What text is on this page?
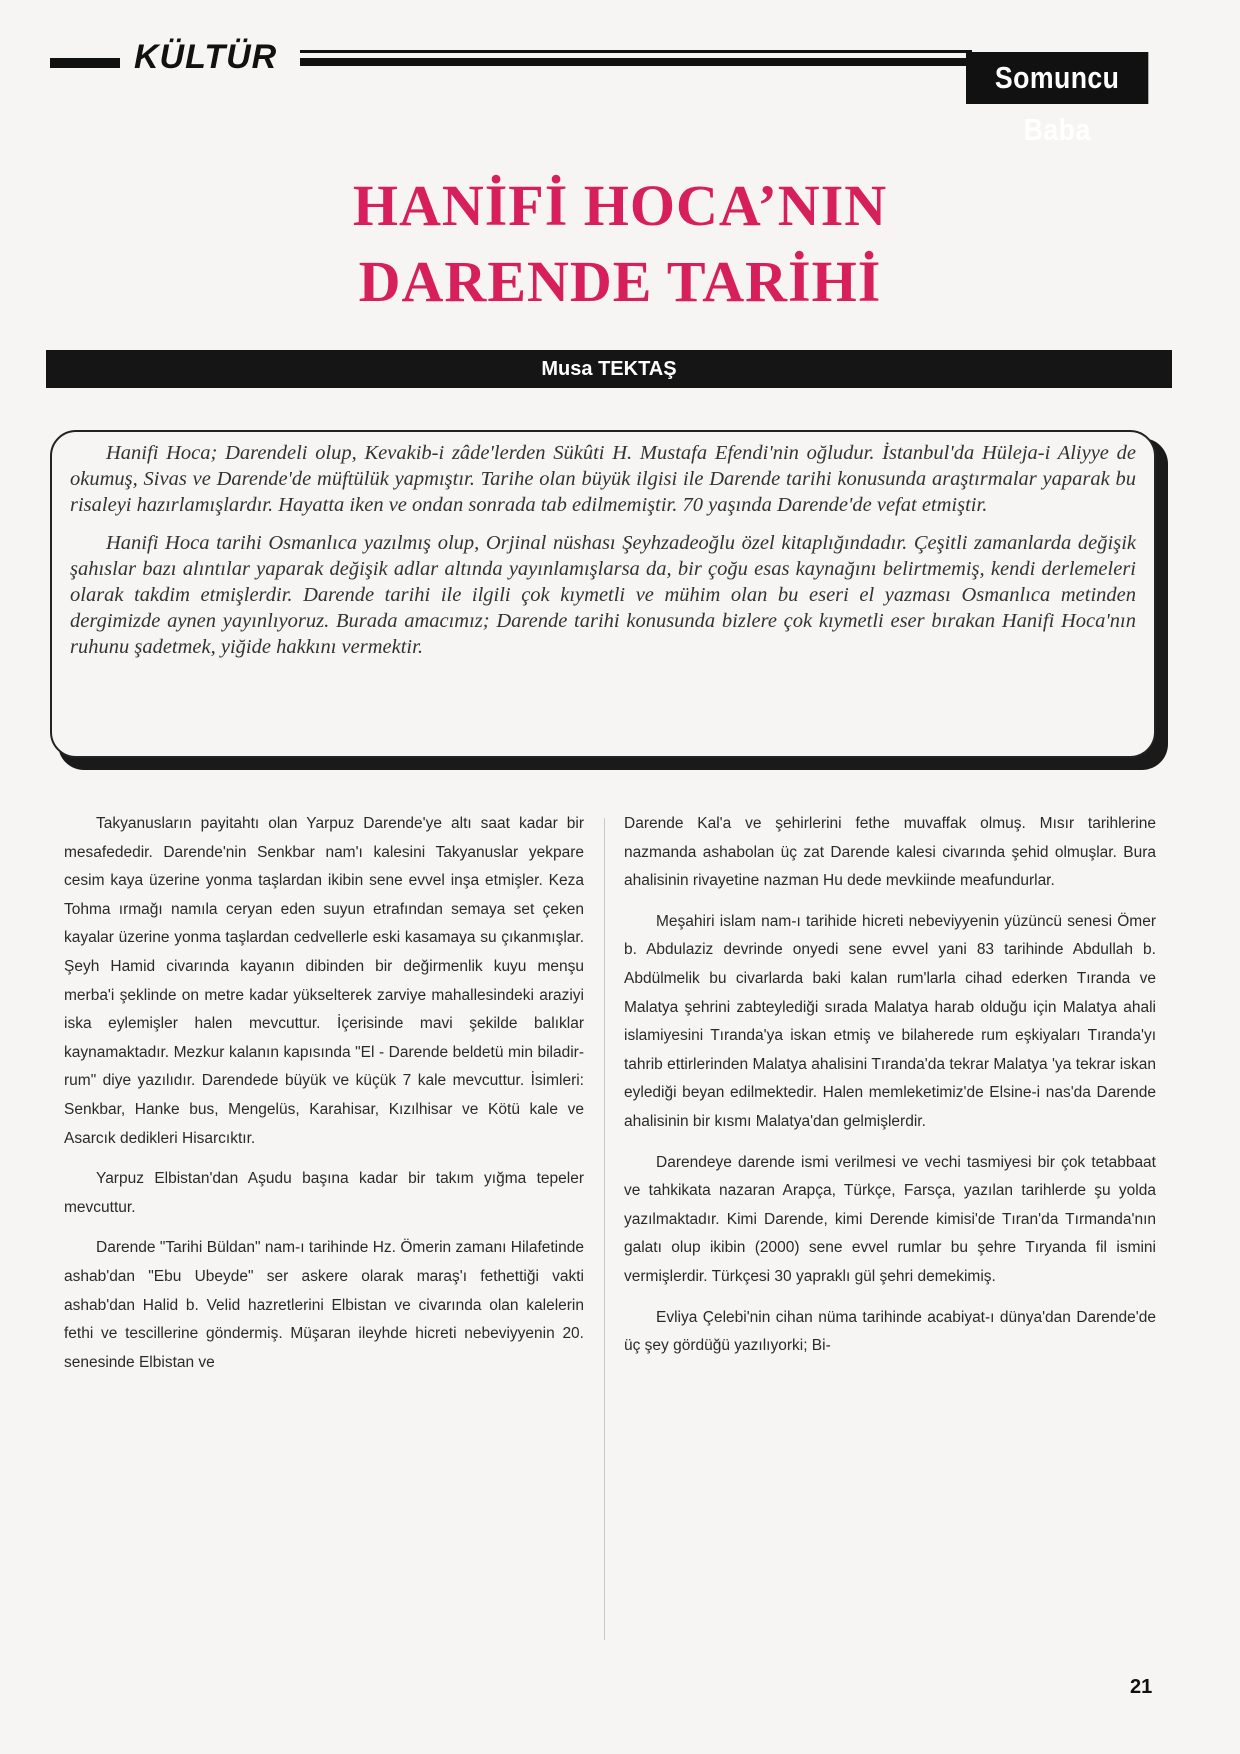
KÜLTÜR
Somuncu Baba
HANİFİ HOCA’NIN
DARENDE TARİHİ
Musa TEKTAŞ

Hanifi Hoca; Darendeli olup, Kevakib-i zâde'lerden Sükûti H. Mustafa Efendi'nin oğludur. İstanbul'da Hüleja-i Aliyye de okumuş, Sivas ve Darende'de müftülük yapmıştır. Tarihe olan büyük ilgisi ile Darende tarihi konusunda araştırmalar yaparak bu risaleyi hazırlamışlardır. Hayatta iken ve ondan sonrada tab edilmemiştir. 70 yaşında Darende'de vefat etmiştir.

Hanifi Hoca tarihi Osmanlıca yazılmış olup, Orjinal nüshası Şeyhzadeoğlu özel kitaplığındadır. Çeşitli zamanlarda değişik şahıslar bazı alıntılar yaparak değişik adlar altında yayınlamışlarsa da, bir çoğu esas kaynağını belirtmemiş, kendi derlemeleri olarak takdim etmişlerdir. Darende tarihi ile ilgili çok kıymetli ve mühim olan bu eseri el yazması Osmanlıca metinden dergimizde aynen yayınlıyoruz. Burada amacımız; Darende tarihi konusunda bizlere çok kıymetli eser bırakan Hanifi Hoca'nın ruhunu şadetmek, yiğide hakkını vermektir.

Takyanusların payitahtı olan Yarpuz Darende'ye altı saat kadar bir mesafededir. Darende'nin Senkbar nam'ı kalesini Takyanuslar yekpare cesim kaya üzerine yonma taşlardan ikibin sene evvel inşa etmişler. Keza Tohma ırmağı namıla ceryan eden suyun etrafından semaya set çeken kayalar üzerine yonma taşlardan cedvellerle eski kasamaya su çıkanmışlar. Şeyh Hamid civarında kayanın dibinden bir değirmenlik kuyu menşu merba'i şeklinde on metre kadar yükselterek zarviye mahallesindeki araziyi iska eylemişler halen mevcuttur. İçerisinde mavi şekilde balıklar kaynamaktadır. Mezkur kalanın kapısında "El - Darende beldetü min biladir-rum" diye yazılıdır. Darendede büyük ve küçük 7 kale mevcuttur. İsimleri: Senkbar, Hanke bus, Mengelüs, Karahisar, Kızılhisar ve Kötü kale ve Asarcık dedikleri Hisarcıktır.

Yarpuz Elbistan'dan Aşudu başına kadar bir takım yığma tepeler mevcuttur.

Darende "Tarihi Büldan" nam-ı tarihinde Hz. Ömerin zamanı Hilafetinde ashab'dan "Ebu Ubeyde" ser askere olarak maraş'ı fethettiği vakti ashab'dan Halid b. Velid hazretlerini Elbistan ve civarında olan kalelerin fethi ve tescillerine göndermiş. Müşaran ileyhde hicreti nebeviyyenin 20. senesinde Elbistan ve

Darende Kal'a ve şehirlerini fethe muvaffak olmuş. Mısır tarihlerine nazmanda ashabolan üç zat Darende kalesi civarında şehid olmuşlar. Bura ahalisinin rivayetine nazman Hu dede mevkiinde meafundurlar.

Meşahiri islam nam-ı tarihide hicreti nebeviyyenin yüzüncü senesi Ömer b. Abdulaziz devrinde onyedi sene evvel yani 83 tarihinde Abdullah b. Abdülmelik bu civarlarda baki kalan rum'larla cihad ederken Tıranda ve Malatya şehrini zabteylediği sırada Malatya harab olduğu için Malatya ahali islamiyesini Tıranda'ya iskan etmiş ve bilaherede rum eşkiyaları Tıranda'yı tahrib ettirlerinden Malatya ahalisini Tıranda'da tekrar Malatya 'ya tekrar iskan eylediği beyan edilmektedir. Halen memleketimiz'de Elsine-i nas'da Darende ahalisinin bir kısmı Malatya'dan gelmişlerdir.

Darendeye darende ismi verilmesi ve vechi tasmiyesi bir çok tetabbaat ve tahkikata nazaran Arapça, Türkçe, Farsça, yazılan tarihlerde şu yolda yazılmaktadır. Kimi Darende, kimi Derende kimisi'de Tıran'da Tırmanda'nın galatı olup ikibin (2000) sene evvel rumlar bu şehre Tıryanda fil ismini vermişlerdir. Türkçesi 30 yapraklı gül şehri demekimiş.

Evliya Çelebi'nin cihan nüma tarihinde acabiyat-ı dünya'dan Darende'de üç şey gördüğü yazılıyorki; Bi-

21
